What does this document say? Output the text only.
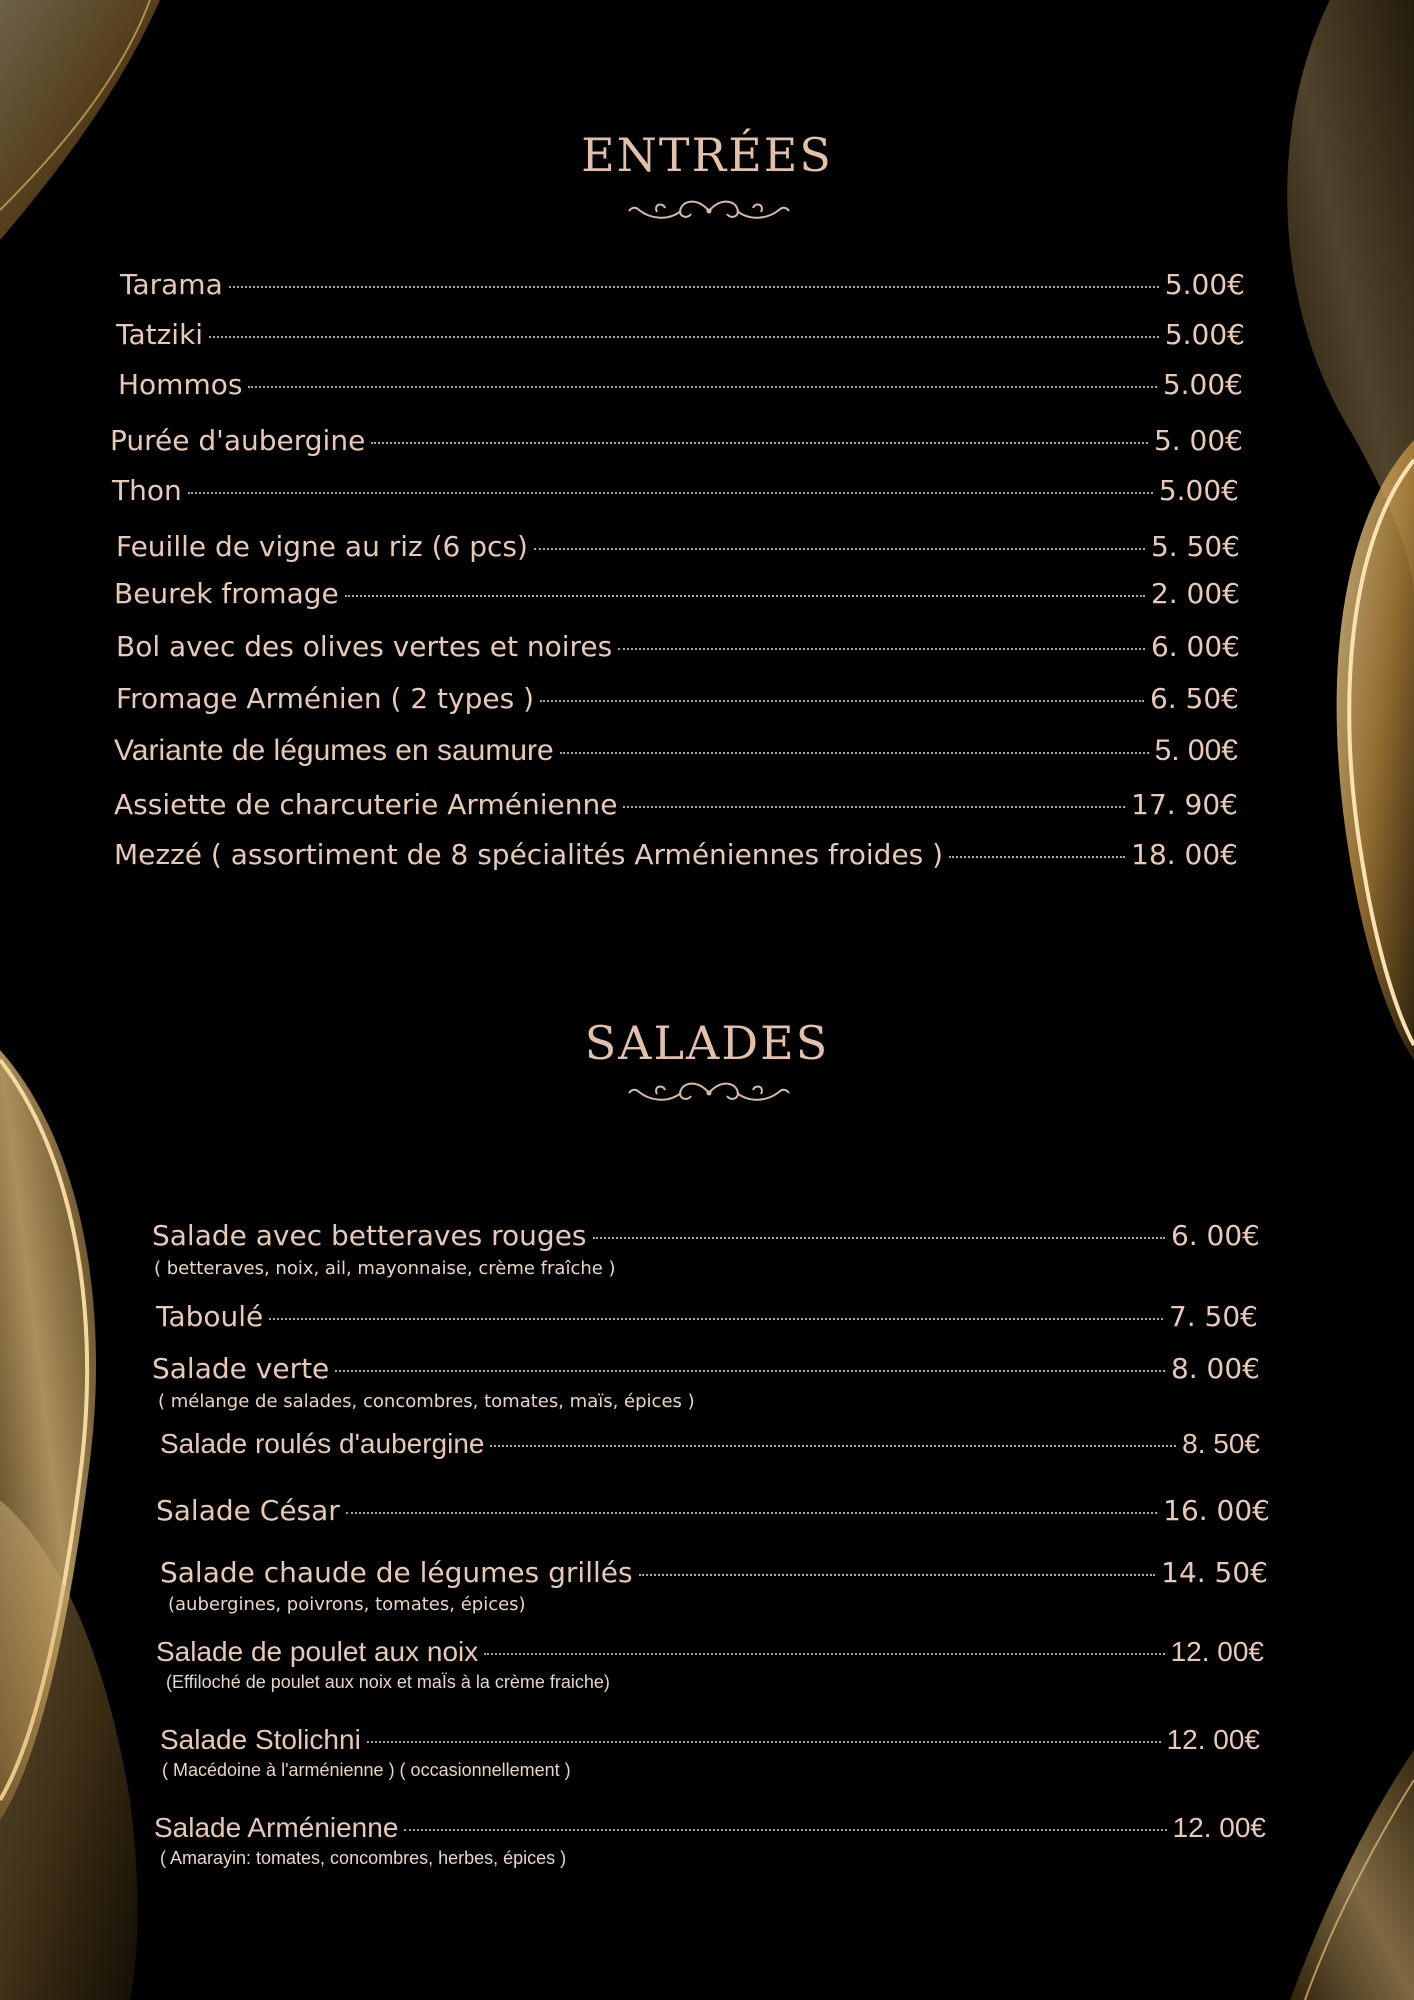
ENTRÉES
Tarama	5.00€
Tatziki	5.00€
Hommos	5.00€
Purée d'aubergine	5. 00€
Thon	5.00€
Feuille de vigne au riz (6 pcs)	5. 50€
Beurek fromage	2. 00€
Bol avec des olives vertes et noires	6. 00€
Fromage Arménien ( 2 types )	6. 50€
Variante de légumes en saumure	5. 00€
Assiette de charcuterie Arménienne	17. 90€
Mezzé ( assortiment de 8 spécialités Arméniennes froides )	18. 00€
SALADES
Salade avec betteraves rouges	6. 00€
( betteraves, noix, ail, mayonnaise, crème fraîche )
Taboulé	7. 50€
Salade verte	8. 00€
( mélange de salades, concombres, tomates, maïs, épices )
Salade roulés d'aubergine	8. 50€
Salade César	16. 00€
Salade chaude de légumes grillés	14. 50€
(aubergines, poivrons, tomates, épices)
Salade de poulet aux noix	12. 00€
(Effiloché de poulet aux noix et maÏs à la crème fraiche)
Salade Stolichni	12. 00€
( Macédoine à l'arménienne ) ( occasionnellement )
Salade Arménienne	12. 00€
( Amarayin: tomates, concombres, herbes, épices )
